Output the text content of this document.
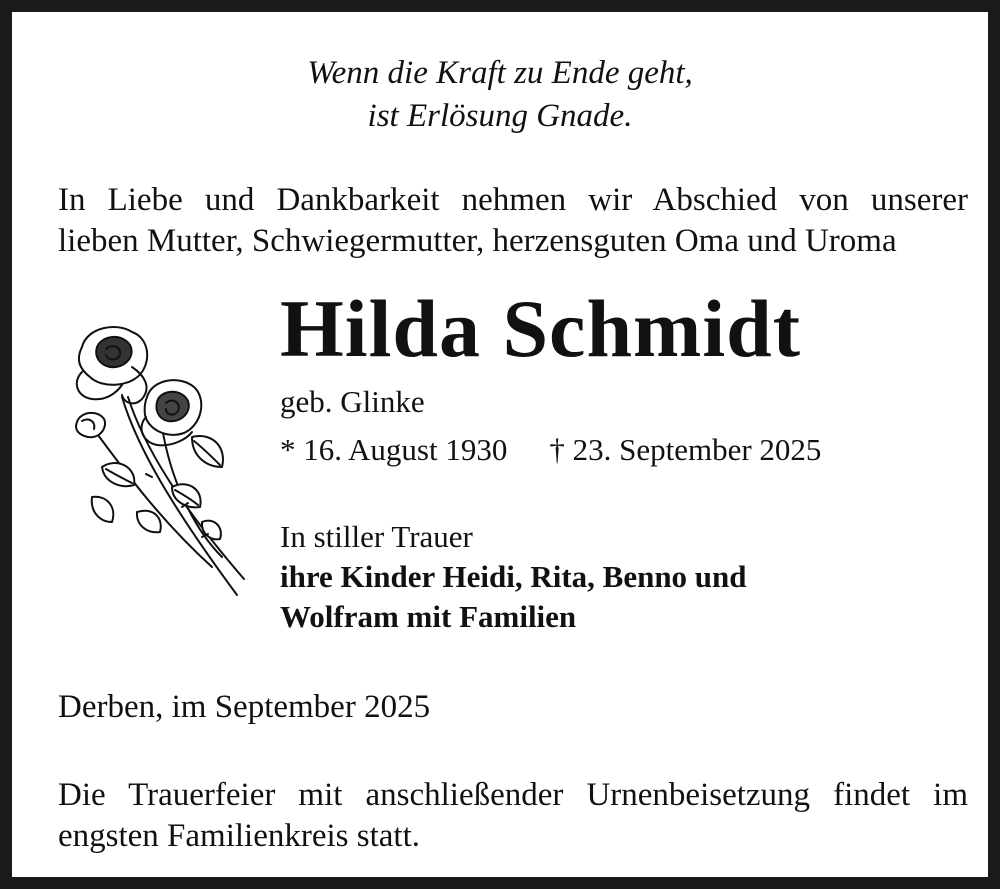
Wenn die Kraft zu Ende geht,
ist Erlösung Gnade.
In Liebe und Dankbarkeit nehmen wir Abschied von unserer
lieben Mutter, Schwiegermutter, herzensguten Oma und Uroma
Hilda Schmidt
geb. Glinke
* 16. August 1930 † 23. September 2025
In stiller Trauer
ihre Kinder Heidi, Rita, Benno und
Wolfram mit Familien
Derben, im September 2025
Die Trauerfeier mit anschließender Urnenbeisetzung findet im
engsten Familienkreis statt.
